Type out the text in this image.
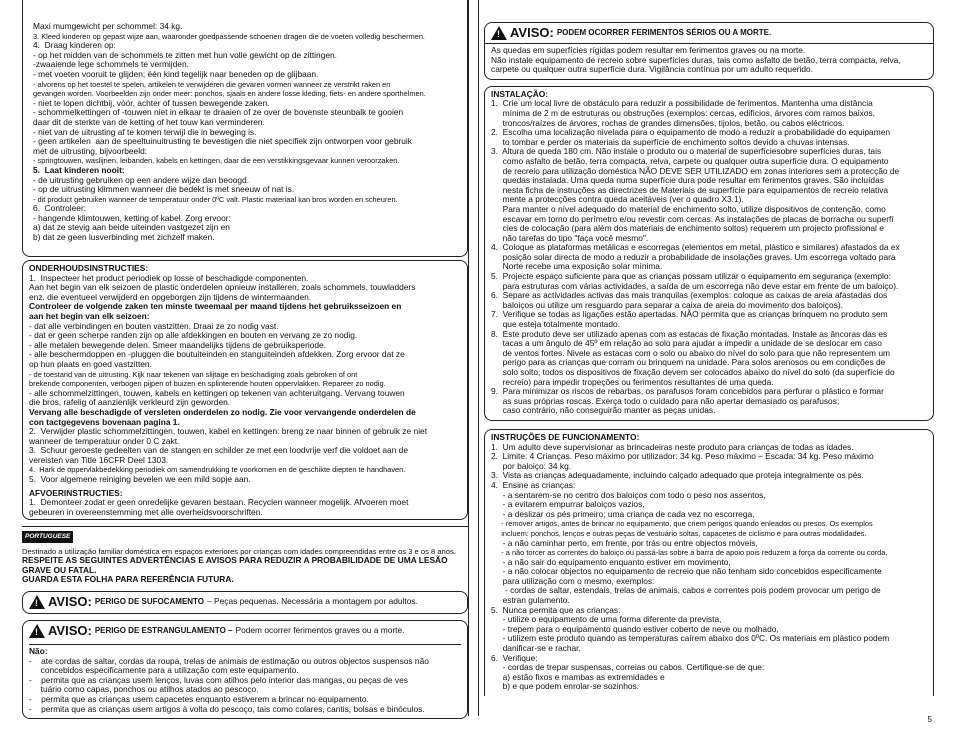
Maxi mumgewicht per schommel: 34 kg.
3. Kleed kinderen op gepast wijze aan, waaronder goedpassende schoenen dragen die de voeten volledig beschermen.
4.  Draag kinderen op:
- op het midden van de schommels te zitten met hun volle gewicht op de zittingen.
-zwaaiende lege schommels te vermijden.
- met voeten vooruit te glijden; één kind tegelijk naar beneden op de glijbaan.
- alvorens op het toestel te spelen, artikelen te verwijderen die gevaren vormen wanneer ze verstrikt raken en
gevangen worden. Voorbeelden zijn onder meer: ponchos, sjaals en andere losse kleding, fiets- en andere sporthelmen.
- niet te lopen dichtbij, vóór, achter of tussen bewegende zaken.
- schommelkettingen of -touwen niet in elkaar te draaien of ze over de bovenste steunbalk te gooien
daar dit de sterkte van de ketting of het touw kan verminderen.
- niet van de uitrusting af te komen terwijl die in beweging is.
- geen artikelen  aan de speeltuinuitrusting te bevestigen die niet specifiek zijn ontworpen voor gebruik
met de uitrusting, bijvoorbeeld:
- springtouwen, waslijnen, leibanden, kabels en kettingen, daar die een verstikkingsgevaar kunnen veroorzaken.
5.  Laat kinderen nooit:
- de uitrusting gebruiken op een andere wijze dan beoogd.
- op de uitrusting klimmen wanneer die bedekt is met sneeuw of nat is.
- dit product gebruiken wanneer de temperatuur onder 0ºC valt. Plastic materiaal kan bros worden en scheuren.
6.  Controleer:
- hangende klimtouwen, ketting of kabel. Zorg ervoor:
a) dat ze stevig aan beide uiteinden vastgezet zijn en
b) dat ze geen lusverbinding met zichzelf maken.
ONDERHOUDSINSTRUCTIES:
1.  Inspecteer het product periodiek op losse of beschadigde componenten.
Aan het begin van elk seizoen de plastic onderdelen opnieuw installeren, zoals schommels, touwladders
enz. die eventueel verwijderd en opgeborgen zijn tijdens de wintermaanden.
Controleer de volgende zaken ten minste tweemaal per maand tijdens het gebruiksseizoen en
aan het begin van elk seizoen:
- dat alle verbindingen en bouten vastzitten. Draai ze zo nodig vast.
- dat er geen scherpe randen zijn op alle afdekkingen en bouten en vervang ze zo nodig.
- alle metalen bewegende delen. Smeer maandelijks tijdens de gebruiksperiode.
- alle beschermdoppen en -pluggen die boutuiteinden en stanguiteinden afdekken. Zorg ervoor dat ze
op hun plaats en goed vastzitten.
- de toestand van de uitrusting. Kijk naar tekenen van slijtage en beschadiging zoals gebroken of ont
brekende componenten, verbogen pijpen of buizen en splinterende houten oppervlakken. Repareer zo nodig.
- alle schommelzittingen, touwen, kabels en kettingen op tekenen van achteruitgang. Vervang touwen
die bros, rafelig of aanzienlijk verkleurd zijn geworden.
Vervang alle beschadigde of versleten onderdelen zo nodig. Zie voor vervangende onderdelen de
con tactgegevens bovenaan pagina 1.
2.  Verwijder plastic schommelzittingen, touwen, kabel en kettingen: breng ze naar binnen of gebruik ze niet
wanneer de temperatuur onder 0 C zakt.
3.  Schuur geroeste gedeelten van de stangen en schilder ze met een loodvrije verf die voldoet aan de
vereisten van Title 16CFR Deel 1303.
4.  Hark de oppervlakbedekking periodiek om samendrukking te voorkomen en de geschikte diepten te handhaven.
5.  Voor algemene reiniging bevelen we een mild sopje aan.
AFVOERINSTRUCTIES:
1.  Demonteer zodat er geen onredelijke gevaren bestaan. Recyclen wanneer mogelijk. Afvoeren moet
gebeuren in overeenstemming met alle overheidsvoorschriften.
PORTUGUESE
Destinado a utilização familiar doméstica em espaços exteriores por crianças com idades compreendidas entre os 3 e os 8 anos.
RESPEITE AS SEGUINTES ADVERTÊNCIAS E AVISOS PARA REDUZIR A PROBABILIDADE DE UMA LESÃO GRAVE OU FATAL.
GUARDA ESTA FOLHA PARA REFERÊNCIA FUTURA.
! AVISO: PERIGO DE SUFOCAMENTO – Peças pequenas. Necessária a montagem por adultos.
! AVISO: PERIGO DE ESTRANGULAMENTO – Podem ocorrer ferimentos graves ou a morte.
Não:
-    ate cordas de saltar, cordas da roupa, trelas de animais de estimação ou outros objectos suspensos não
concebidos especificamente para a utilização com este equipamento.
-    permita que as crianças usem lenços, luvas com atilhos pelo interior das mangas, ou peças de ves
tuário como capas, ponchos ou atilhos atados ao pescoço.
-    permita que as crianças usem capacetes enquanto estiverem a brincar no equipamento.
-    permita que as crianças usem artigos à volta do pescoço, tais como colares, cantis, bolsas e binóculos.
! AVISO: PODEM OCORRER FERIMENTOS SÉRIOS OU A MORTE.
As quedas em superfícies rígidas podem resultar em ferimentos graves ou na morte.
Não instale equipamento de recreio sobre superfícies duras, tais como asfalto de betão, terra compacta, relva,
carpete ou qualquer outra superfície dura. Vigilância contínua por um adulto requerido.
INSTALAÇÃO:
1.  Crie um local livre de obstáculo para reduzir a possibilidade de ferimentos. Mantenha uma distância
mínima de 2 m de estruturas ou obstruções (exemplos: cercas, edifícios, árvores com ramos baixos,
troncos/raízes de árvores, rochas de grandes dimensões, tijolos, betão, ou cabos eléctricos.
2.  Escolha uma localização nivelada para o equipamento de modo a reduzir a probabilidade do equipamen
to tombar e perder os materiais da superfície de enchimento soltos devido a chuvas intensas.
3.  Altura de queda 180 cm. Não instale o produto ou o material de superfíciesobre superfícies duras, tais
como asfalto de betão, terra compacta, relva, carpete ou qualquer outra superfície dura. O equipamento
de recreio para utilização doméstica NÃO DEVE SER UTILIZADO em zonas interiores sem a protecção de
quedas instalada. Uma queda numa superfície dura pode resultar em ferimentos graves. São incluídas
nesta ficha de instruções as directrizes de Materiais de superfície para equipamentos de recreio relativa
mente a protecções contra queda aceitáveis (ver o quadro X3.1).
Para manter o nível adequado do material de enchimento solto, utilize dispositivos de contenção, como
escavar em torno do perímetro e/ou revestir com cercas. As instalações de placas de borracha ou superfí
cies de colocação (para além dos materiais de enchimento soltos) requerem um projecto profissional e
não tarefas do tipo "faça você mesmo".
4.  Coloque as plataformas metálicas e escorregas (elementos em metal, plástico e similares) afastados da ex
posição solar directa de modo a reduzir a probabilidade de insolações graves. Um escorrega voltado para
Norte recebe uma exposição solar mínima.
5.  Projecte espaço suficiente para que as crianças possam utilizar o equipamento em segurança (exemplo:
para estruturas com várias actividades, a saída de um escorrega não deve estar em frente de um baloiço).
6.  Separe as actividades activas das mais tranquilas (exemplos: coloque as caixas de areia afastadas dos
baloiços ou utilize um resguardo para separar a caixa de areia do movimento dos baloiços).
7.  Verifique se todas as ligações estão apertadas. NÃO permita que as crianças brinquem no produto sem
que esteja totalmente montado.
8.  Este produto deve ser utilizado apenas com as estacas de fixação montadas. Instale as âncoras das es
tacas a um ângulo de 45º em relação ao solo para ajudar a impedir a unidade de se deslocar em caso
de ventos fortes. Nivele as estacas com o solo ou abaixo do nível do solo para que não representem um
perigo para as crianças que corram ou brinquem na unidade. Para solos arenosos ou em condições de
solo solto, todos os dispositivos de fixação devem ser colocados abaixo do nível do solo (da superfície do
recreio) para impedir tropeções ou ferimentos resultantes de uma queda.
9.  Para minimizar os riscos de rebarbas, os parafusos foram concebidos para perfurar o plástico e formar
as suas próprias roscas. Exerça todo o cuidado para não apertar demasiado os parafusos;
caso contrário, não conseguirão manter as peças unidas.
INSTRUÇÕES DE FUNCIONAMENTO:
1.  Um adulto deve supervisionar as brincadeiras neste produto para crianças de todas as idades.
2.  Limite: 4 Crianças. Peso máximo por utilizador: 34 kg. Peso máximo – Escada: 34 kg. Peso máximo
por baloiço: 34 kg.
3.  Vista as crianças adequadamente, incluindo calçado adequado que proteja integralmente os pés.
4.  Ensine as crianças:
- a sentarem-se no centro dos baloiços com todo o peso nos assentos,
- a evitarem empurrar baloiços vazios,
- a deslizar os pés primeiro; uma criança de cada vez no escorrega,
- remover artigos, antes de brincar no equipamento, que criem perigos quando enleados ou presos. Os exemplos
incluem: ponchos, lenços e outras peças de vestuário soltas, capacetes de ciclismo e para outras modalidades.
- a não caminhar perto, em frente, por trás ou entre objectos móveis,
- a não torcer as correntes do baloiço ou passá-las sobre a barra de apoio pois reduzem a força da corrente ou corda,
- a não sair do equipamento enquanto estiver em movimento,
- a não colocar objectos no equipamento de recreio que não tenham sido concebidos especificamente
para utilização com o mesmo, exemplos:
- cordas de saltar, estendais, trelas de animais, cabos e correntes pois podem provocar um perigo de
estran gulamento.
5.  Nunca permita que as crianças:
- utilize o equipamento de uma forma diferente da prevista,
- trepem para o equipamento quando estiver coberto de neve ou molhado,
- utilizem este produto quando as temperaturas caírem abaixo dos 0ºC. Os materiais em plástico podem
danificar-se e rachar.
6.  Verifique:
- cordas de trepar suspensas, correias ou cabos. Certifique-se de que:
a) estão fixos e mambas as extremidades e
b) e que podem enrolar-se sozinhos.
5
